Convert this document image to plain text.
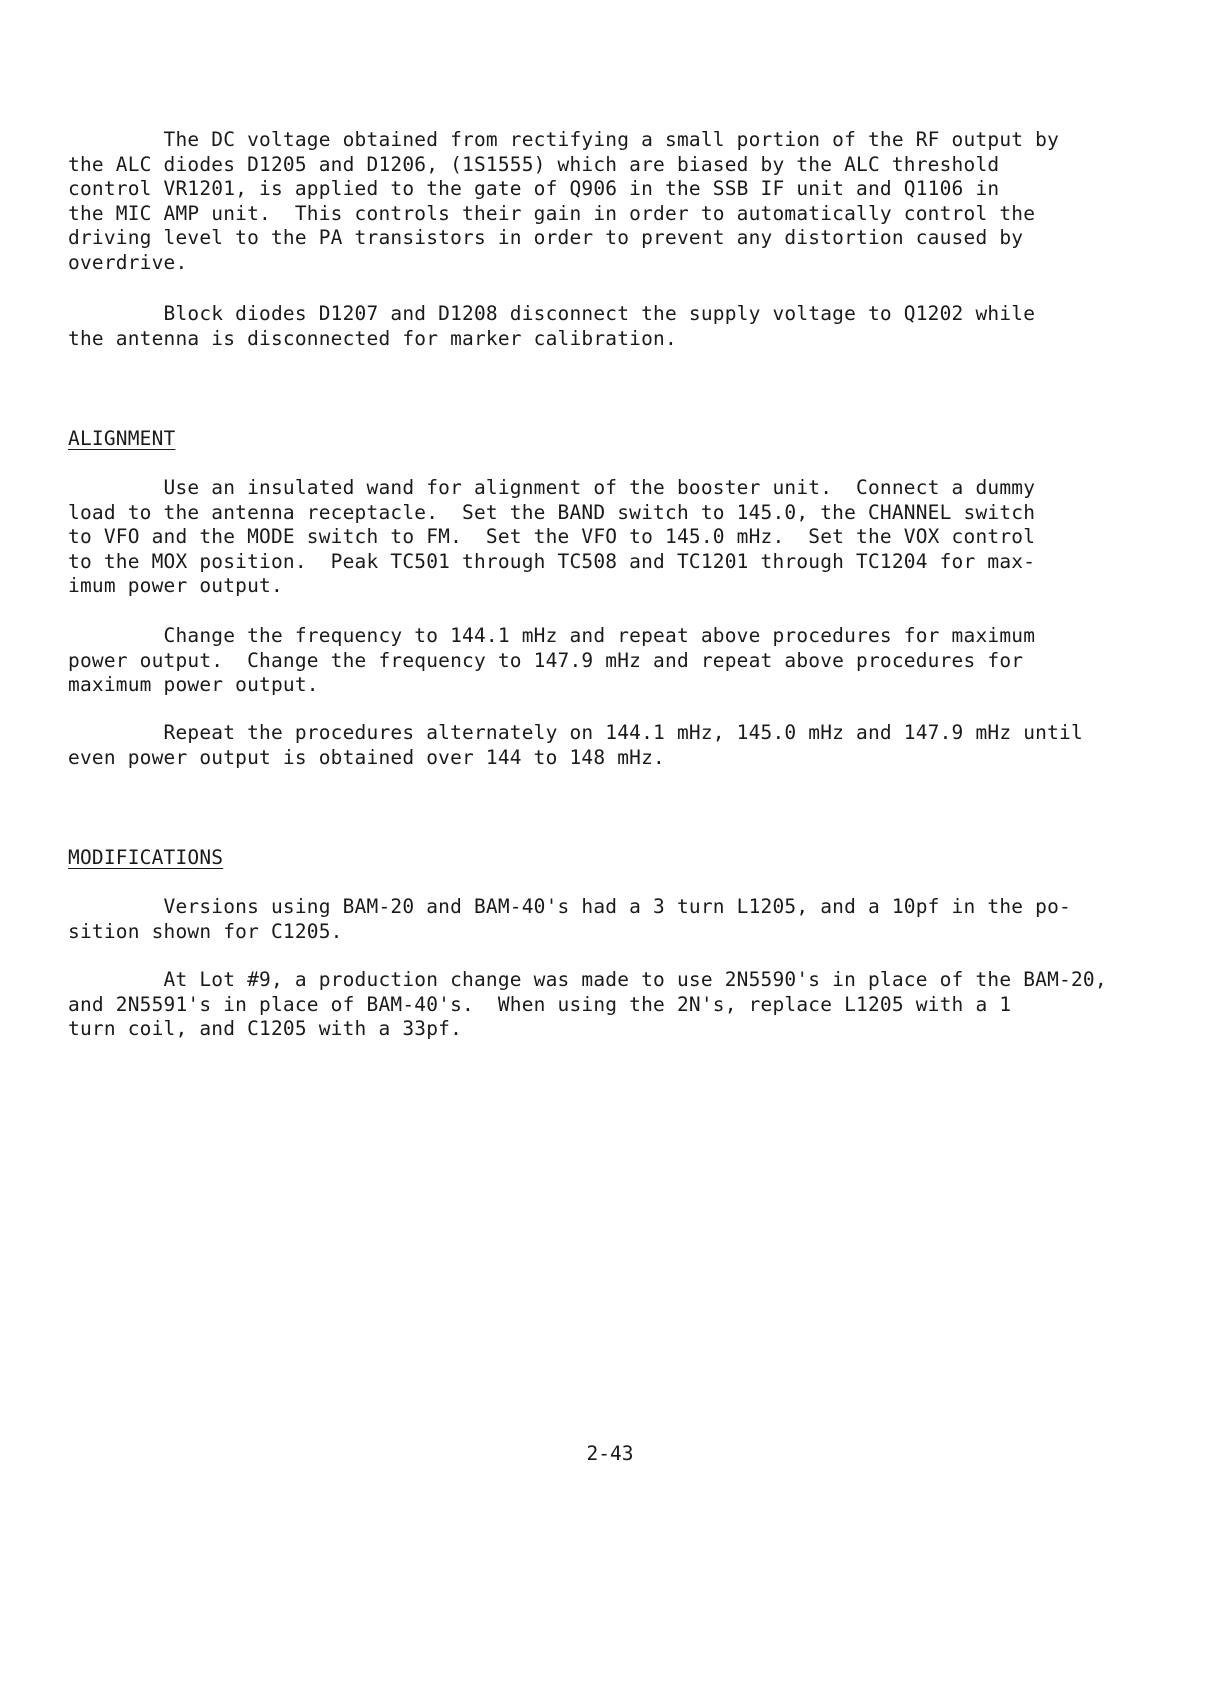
The DC voltage obtained from rectifying a small portion of the RF output by
the ALC diodes D1205 and D1206, (1S1555) which are biased by the ALC threshold
control VR1201, is applied to the gate of Q906 in the SSB IF unit and Q1106 in
the MIC AMP unit.  This controls their gain in order to automatically control the
driving level to the PA transistors in order to prevent any distortion caused by
overdrive.

Block diodes D1207 and D1208 disconnect the supply voltage to Q1202 while
the antenna is disconnected for marker calibration.

ALIGNMENT

Use an insulated wand for alignment of the booster unit.  Connect a dummy
load to the antenna receptacle.  Set the BAND switch to 145.0, the CHANNEL switch
to VFO and the MODE switch to FM.  Set the VFO to 145.0 mHz.  Set the VOX control
to the MOX position.  Peak TC501 through TC508 and TC1201 through TC1204 for max-
imum power output.

Change the frequency to 144.1 mHz and repeat above procedures for maximum
power output.  Change the frequency to 147.9 mHz and repeat above procedures for
maximum power output.

Repeat the procedures alternately on 144.1 mHz, 145.0 mHz and 147.9 mHz until
even power output is obtained over 144 to 148 mHz.

MODIFICATIONS

Versions using BAM-20 and BAM-40's had a 3 turn L1205, and a 10pf in the po-
sition shown for C1205.

At Lot #9, a production change was made to use 2N5590's in place of the BAM-20,
and 2N5591's in place of BAM-40's.  When using the 2N's, replace L1205 with a 1
turn coil, and C1205 with a 33pf.

2-43
